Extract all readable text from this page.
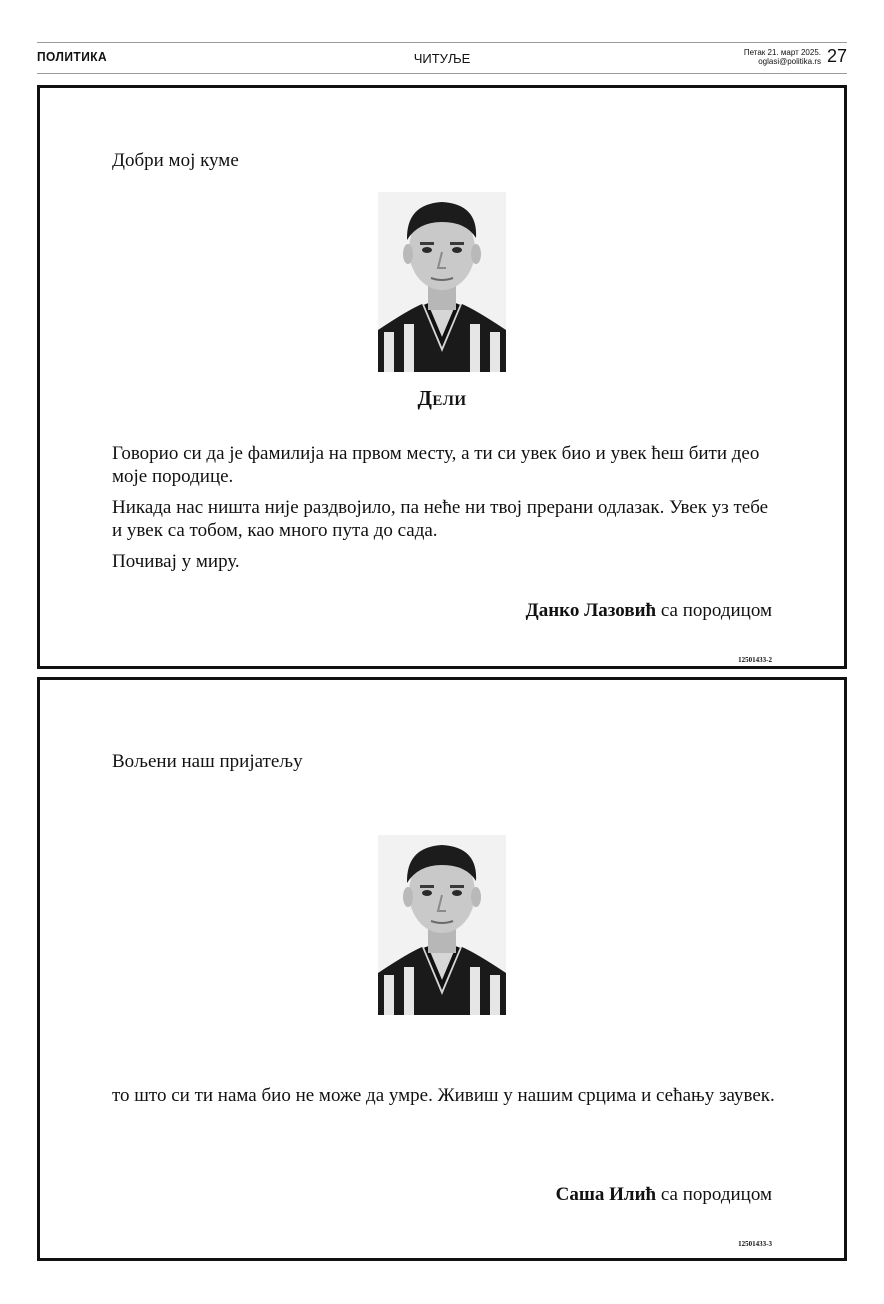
ПОЛИТИКА	ЧИТУЉЕ	Петак 21. март 2025.
oglasi@politika.rs 27
Добри мој куме
Дели

Говорио си да је фамилија на првом месту, а ти си увек био и увек ћеш бити део моје породице.

Никада нас ништа није раздвојило, па неће ни твој прерани одлазак. Увек уз тебе и увек са тобом, као много пута до сада.

Почивај у миру.

Данко Лазовић са породицом
12501433-2
Вољени наш пријатељу

то што си ти нама био не може да умре. Живиш у нашим срцима и сећању заувек.

Саша Илић са породицом
12501433-3
